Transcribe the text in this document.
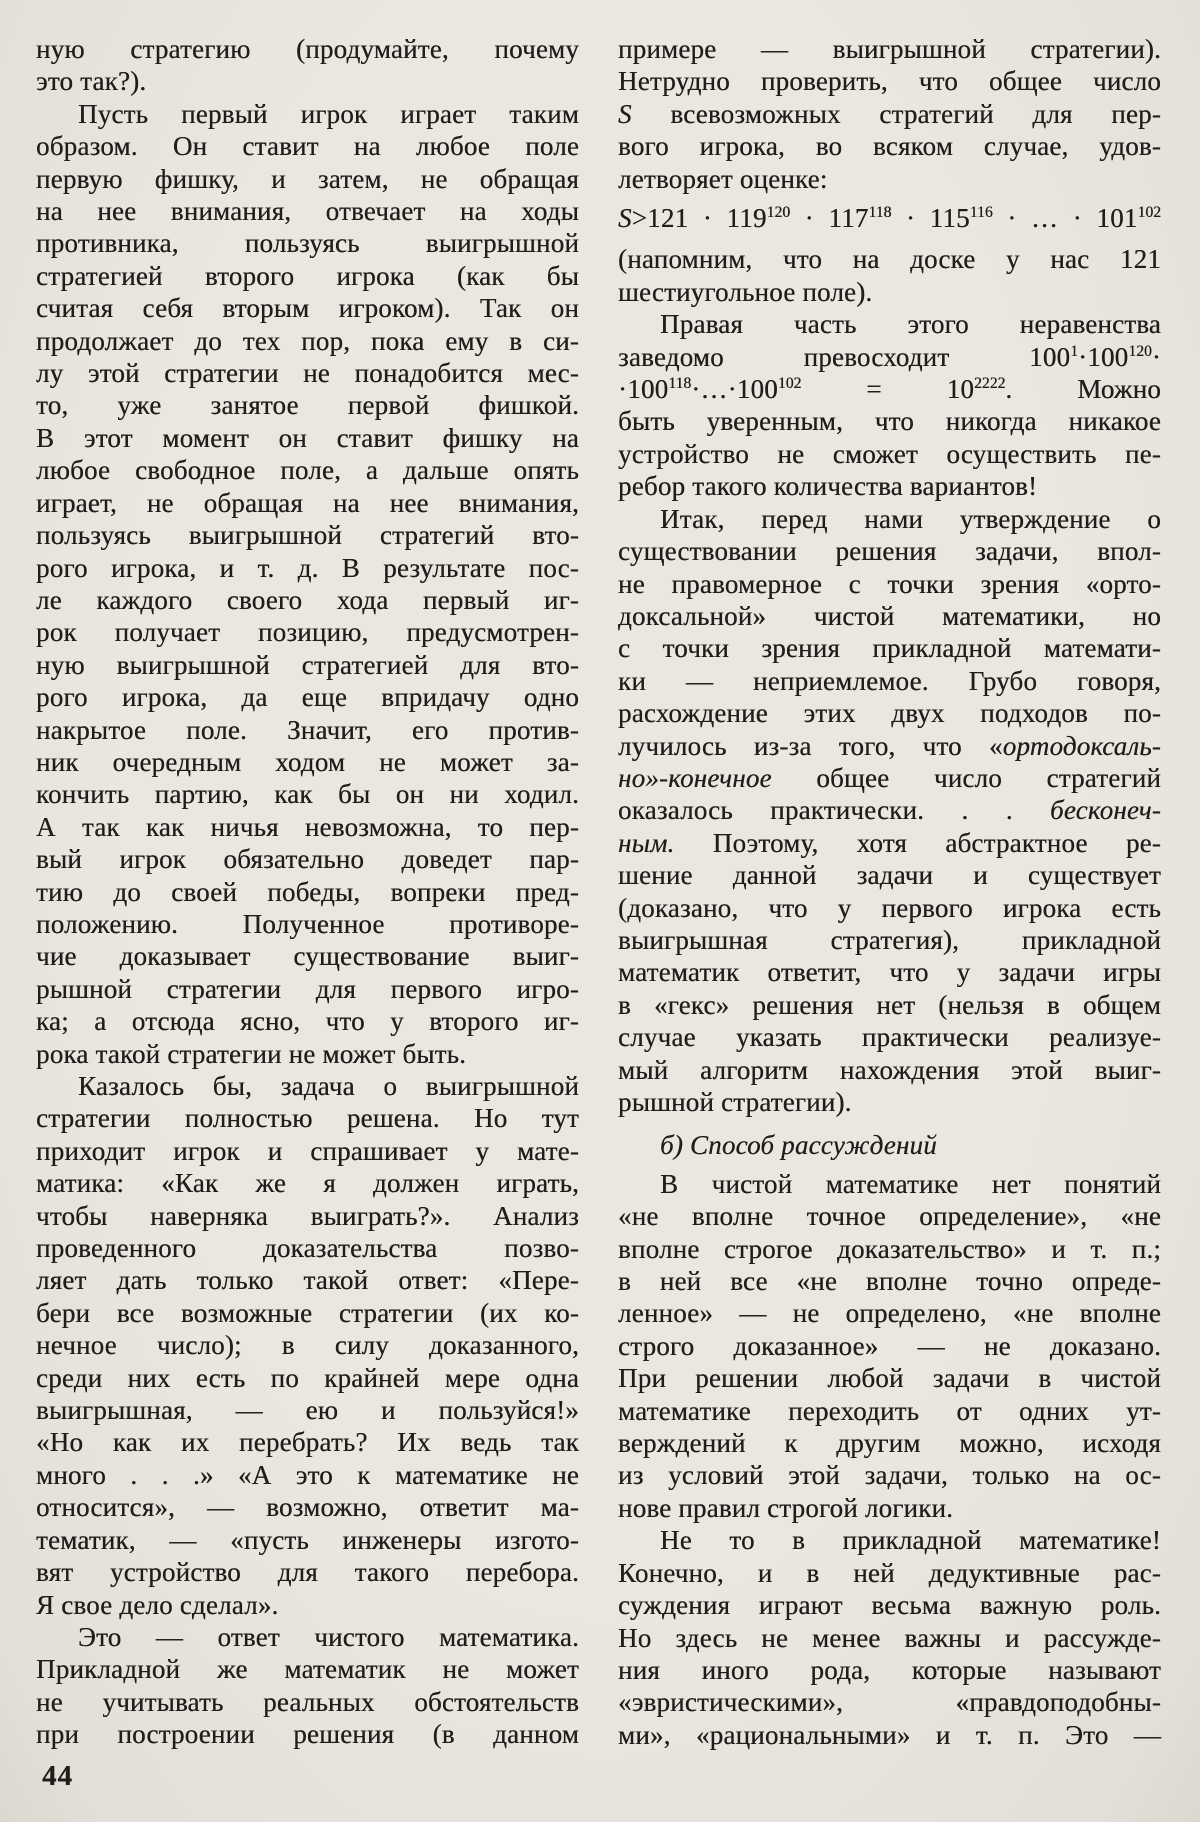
ную стратегию (продумайте, почему
это так?).
Пусть первый игрок играет таким
образом. Он ставит на любое поле
первую фишку, и затем, не обращая
на нее внимания, отвечает на ходы
противника, пользуясь выигрышной
стратегией второго игрока (как бы
считая себя вторым игроком). Так он
продолжает до тех пор, пока ему в си-
лу этой стратегии не понадобится мес-
то, уже занятое первой фишкой.
В этот момент он ставит фишку на
любое свободное поле, а дальше опять
играет, не обращая на нее внимания,
пользуясь выигрышной стратегий вто-
рого игрока, и т. д. В результате пос-
ле каждого своего хода первый иг-
рок получает позицию, предусмотрен-
ную выигрышной стратегией для вто-
рого игрока, да еще впридачу одно
накрытое поле. Значит, его против-
ник очередным ходом не может за-
кончить партию, как бы он ни ходил.
А так как ничья невозможна, то пер-
вый игрок обязательно доведет пар-
тию до своей победы, вопреки пред-
положению. Полученное противоре-
чие доказывает существование выиг-
рышной стратегии для первого игро-
ка; а отсюда ясно, что у второго иг-
рока такой стратегии не может быть.
Казалось бы, задача о выигрышной
стратегии полностью решена. Но тут
приходит игрок и спрашивает у мате-
матика: «Как же я должен играть,
чтобы наверняка выиграть?». Анализ
проведенного доказательства позво-
ляет дать только такой ответ: «Пере-
бери все возможные стратегии (их ко-
нечное число); в силу доказанного,
среди них есть по крайней мере одна
выигрышная, — ею и пользуйся!»
«Но как их перебрать? Их ведь так
много . . .» «А это к математике не
относится», — возможно, ответит ма-
тематик, — «пусть инженеры изгото-
вят устройство для такого перебора.
Я свое дело сделал».
Это — ответ чистого математика.
Прикладной же математик не может
не учитывать реальных обстоятельств
при построении решения (в данном
примере — выигрышной стратегии).
Нетрудно проверить, что общее число
S всевозможных стратегий для пер-
вого игрока, во всяком случае, удов-
летворяет оценке:
$S>121 \cdot 119^{120} \cdot 117^{118} \cdot 115^{116}$ · … · $101^{102}$
(напомним, что на доске у нас 121
шестиугольное поле).
Правая часть этого неравенства
заведомо превосходит $100^1\cdot 100^{120}\cdot$
$\cdot 100^{118}\cdot\dots\cdot 100^{102} = 10^{2222}$. Можно
быть уверенным, что никогда никакое
устройство не сможет осуществить пе-
ребор такого количества вариантов!
Итак, перед нами утверждение о
существовании решения задачи, впол-
не правомерное с точки зрения «орто-
доксальной» чистой математики, но
с точки зрения прикладной математи-
ки — неприемлемое. Грубо говоря,
расхождение этих двух подходов по-
лучилось из-за того, что «ортодоксаль-
но»-конечное общее число стратегий
оказалось практически. . . бесконеч-
ным. Поэтому, хотя абстрактное ре-
шение данной задачи и существует
(доказано, что у первого игрока есть
выигрышная стратегия), прикладной
математик ответит, что у задачи игры
в «гекс» решения нет (нельзя в общем
случае указать практически реализуе-
мый алгоритм нахождения этой выиг-
рышной стратегии).
б) Способ рассуждений
В чистой математике нет понятий
«не вполне точное определение», «не
вполне строгое доказательство» и т. п.;
в ней все «не вполне точно опреде-
ленное» — не определено, «не вполне
строго доказанное» — не доказано.
При решении любой задачи в чистой
математике переходить от одних ут-
верждений к другим можно, исходя
из условий этой задачи, только на ос-
нове правил строгой логики.
Не то в прикладной математике!
Конечно, и в ней дедуктивные рас-
суждения играют весьма важную роль.
Но здесь не менее важны и рассужде-
ния иного рода, которые называют
«эвристическими», «правдоподобны-
ми», «рациональными» и т. п. Это —
44
